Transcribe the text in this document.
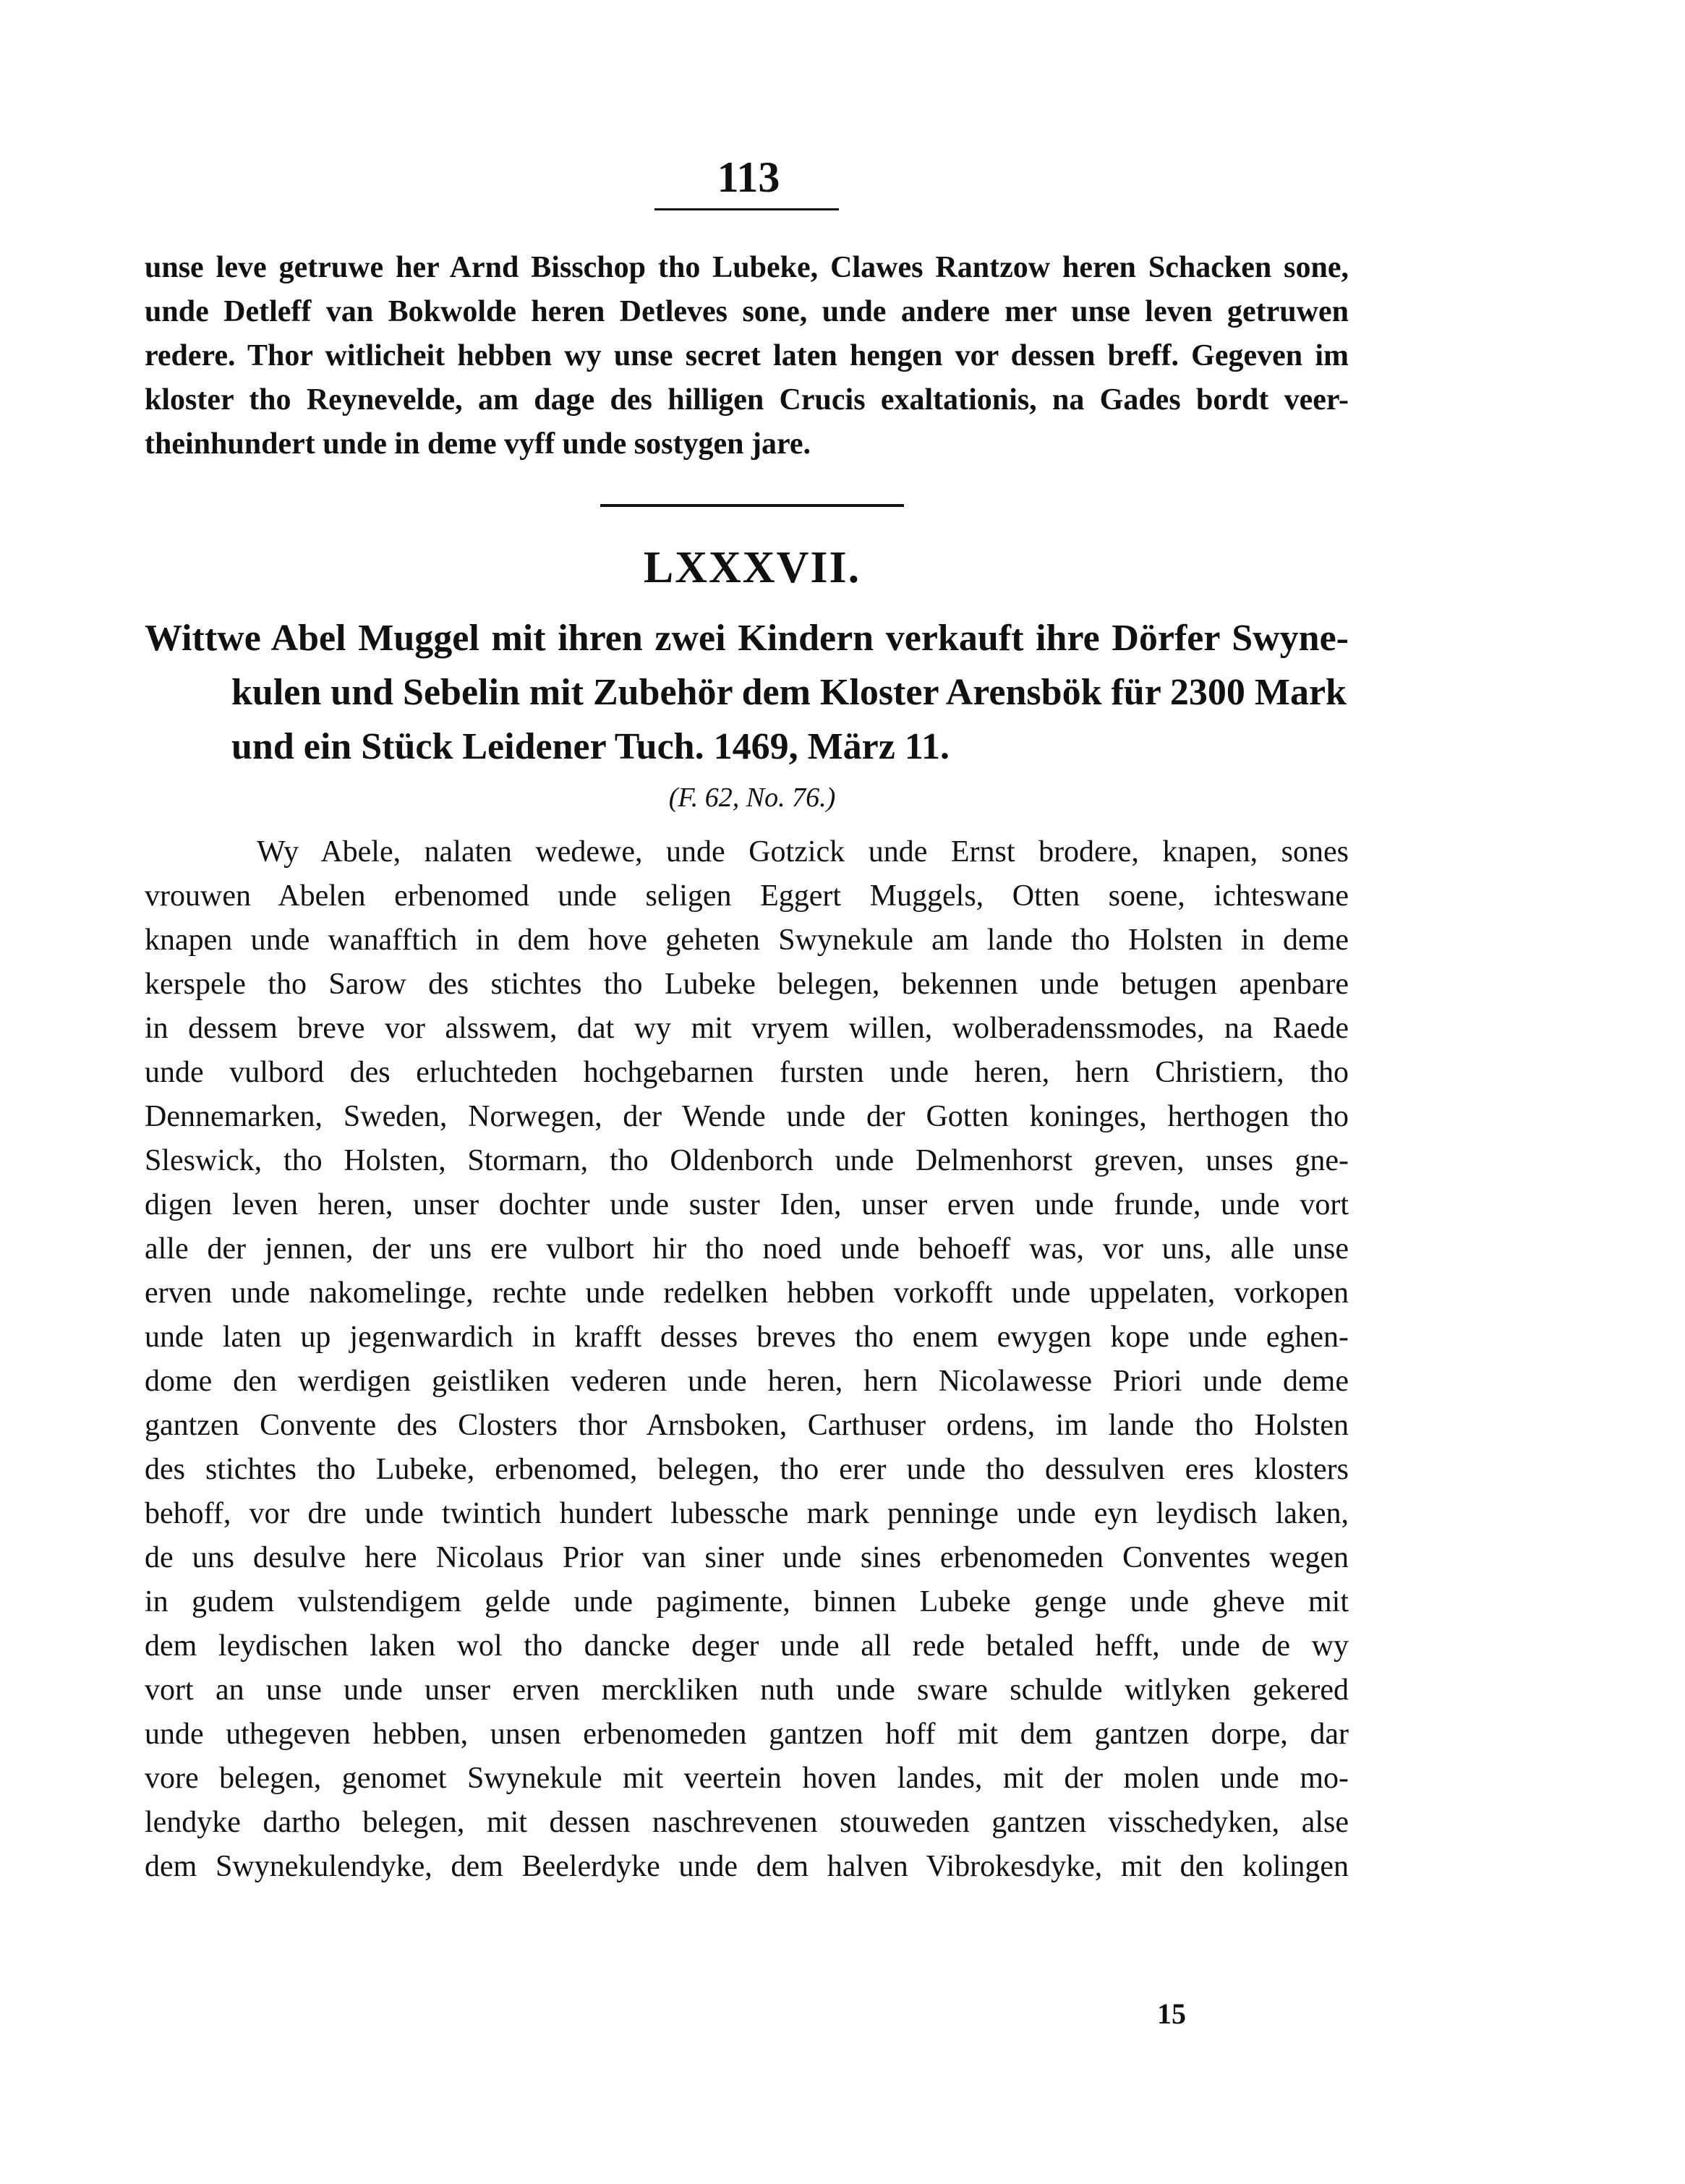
113

unse leve getruwe her Arnd Bisschop tho Lubeke, Clawes Rantzow heren Schacken sone,
unde Detleff van Bokwolde heren Detleves sone, unde andere mer unse leven getruwen
redere. Thor witlicheit hebben wy unse secret laten hengen vor dessen breff. Gegeven im
kloster tho Reynevelde, am dage des hilligen Crucis exaltationis, na Gades bordt veer-
theinhundert unde in deme vyff unde sostygen jare.
LXXXVII.
Wittwe Abel Muggel mit ihren zwei Kindern verkauft ihre Dörfer Swyne-
kulen und Sebelin mit Zubehör dem Kloster Arensbök für 2300 Mark
und ein Stück Leidener Tuch. 1469, März 11.

(F. 62, No. 76.)

Wy Abele, nalaten wedewe, unde Gotzick unde Ernst brodere, knapen, sones
vrouwen Abelen erbenomed unde seligen Eggert Muggels, Otten soene, ichteswane
knapen unde wanafftich in dem hove geheten Swynekule am lande tho Holsten in deme
kerspele tho Sarow des stichtes tho Lubeke belegen, bekennen unde betugen apenbare
in dessem breve vor alsswem, dat wy mit vryem willen, wolberadenssmodes, na Raede
unde vulbord des erluchteden hochgebarnen fursten unde heren, hern Christiern, tho
Dennemarken, Sweden, Norwegen, der Wende unde der Gotten koninges, herthogen tho
Sleswick, tho Holsten, Stormarn, tho Oldenborch unde Delmenhorst greven, unses gne-
digen leven heren, unser dochter unde suster Iden, unser erven unde frunde, unde vort
alle der jennen, der uns ere vulbort hir tho noed unde behoeff was, vor uns, alle unse
erven unde nakomelinge, rechte unde redelken hebben vorkofft unde uppelaten, vorkopen
unde laten up jegenwardich in krafft desses breves tho enem ewygen kope unde eghen-
dome den werdigen geistliken vederen unde heren, hern Nicolawesse Priori unde deme
gantzen Convente des Closters thor Arnsboken, Carthuser ordens, im lande tho Holsten
des stichtes tho Lubeke, erbenomed, belegen, tho erer unde tho dessulven eres klosters
behoff, vor dre unde twintich hundert lubessche mark penninge unde eyn leydisch laken,
de uns desulve here Nicolaus Prior van siner unde sines erbenomeden Conventes wegen
in gudem vulstendigem gelde unde pagimente, binnen Lubeke genge unde gheve mit
dem leydischen laken wol tho dancke deger unde all rede betaled hefft, unde de wy
vort an unse unde unser erven merckliken nuth unde sware schulde witlyken gekered
unde uthegeven hebben, unsen erbenomeden gantzen hoff mit dem gantzen dorpe, dar
vore belegen, genomet Swynekule mit veertein hoven landes, mit der molen unde mo-
lendyke dartho belegen, mit dessen naschrevenen stouweden gantzen visschedyken, alse
dem Swynekulendyke, dem Beelerdyke unde dem halven Vibrokesdyke, mit den kolingen

15
